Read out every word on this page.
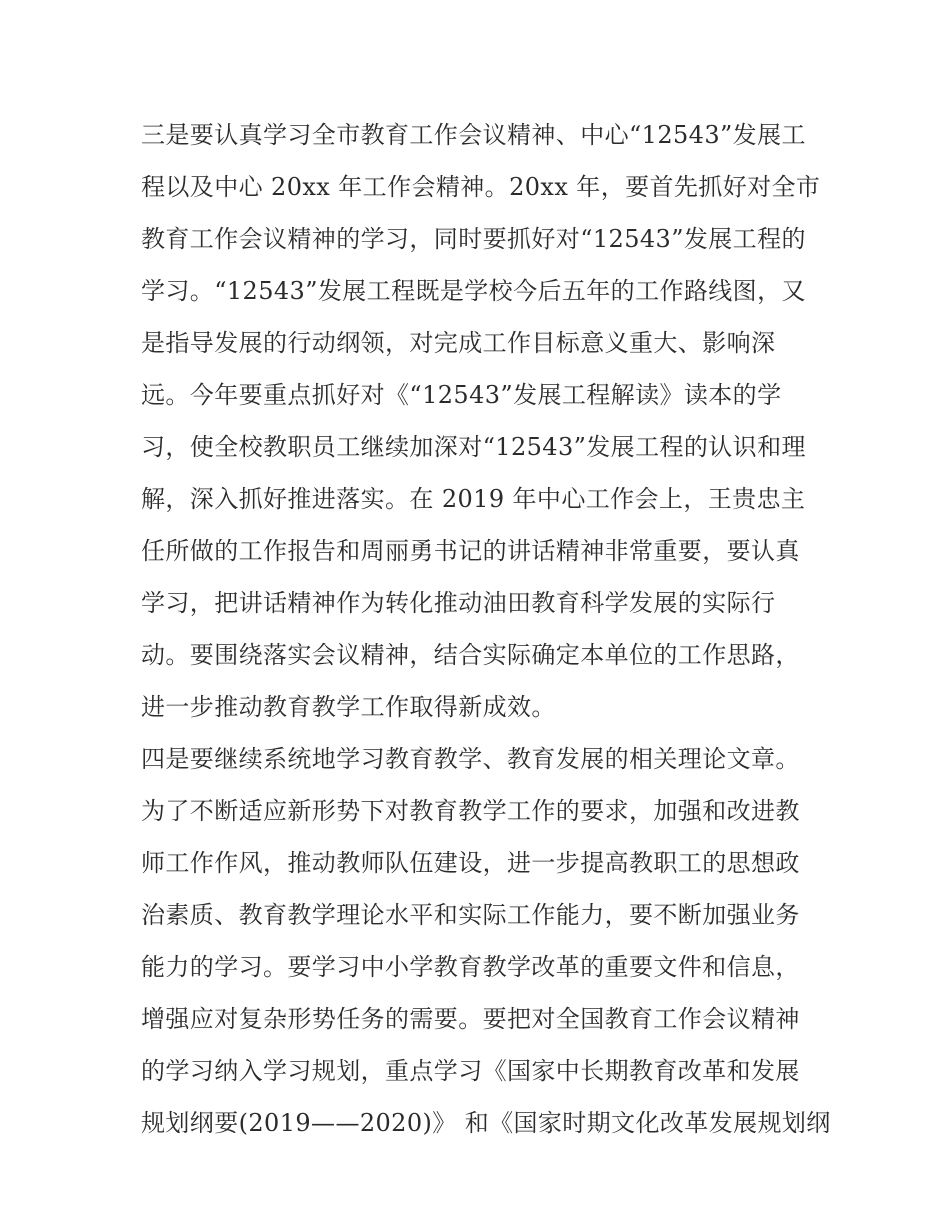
三是要认真学习全市教育工作会议精神、中心“12543”发展工
程以及中心 20xx 年工作会精神。20xx 年，要首先抓好对全市
教育工作会议精神的学习，同时要抓好对“12543”发展工程的
学习。“12543”发展工程既是学校今后五年的工作路线图，又
是指导发展的行动纲领，对完成工作目标意义重大、影响深
远。今年要重点抓好对《“12543”发展工程解读》读本的学
习，使全校教职员工继续加深对“12543”发展工程的认识和理
解，深入抓好推进落实。在 2019 年中心工作会上，王贵忠主
任所做的工作报告和周丽勇书记的讲话精神非常重要，要认真
学习，把讲话精神作为转化推动油田教育科学发展的实际行
动。要围绕落实会议精神，结合实际确定本单位的工作思路，
进一步推动教育教学工作取得新成效。
四是要继续系统地学习教育教学、教育发展的相关理论文章。
为了不断适应新形势下对教育教学工作的要求，加强和改进教
师工作作风，推动教师队伍建设，进一步提高教职工的思想政
治素质、教育教学理论水平和实际工作能力，要不断加强业务
能力的学习。要学习中小学教育教学改革的重要文件和信息，
增强应对复杂形势任务的需要。要把对全国教育工作会议精神
的学习纳入学习规划，重点学习《国家中长期教育改革和发展
规划纲要(2019——2020)》 和《国家时期文化改革发展规划纲
